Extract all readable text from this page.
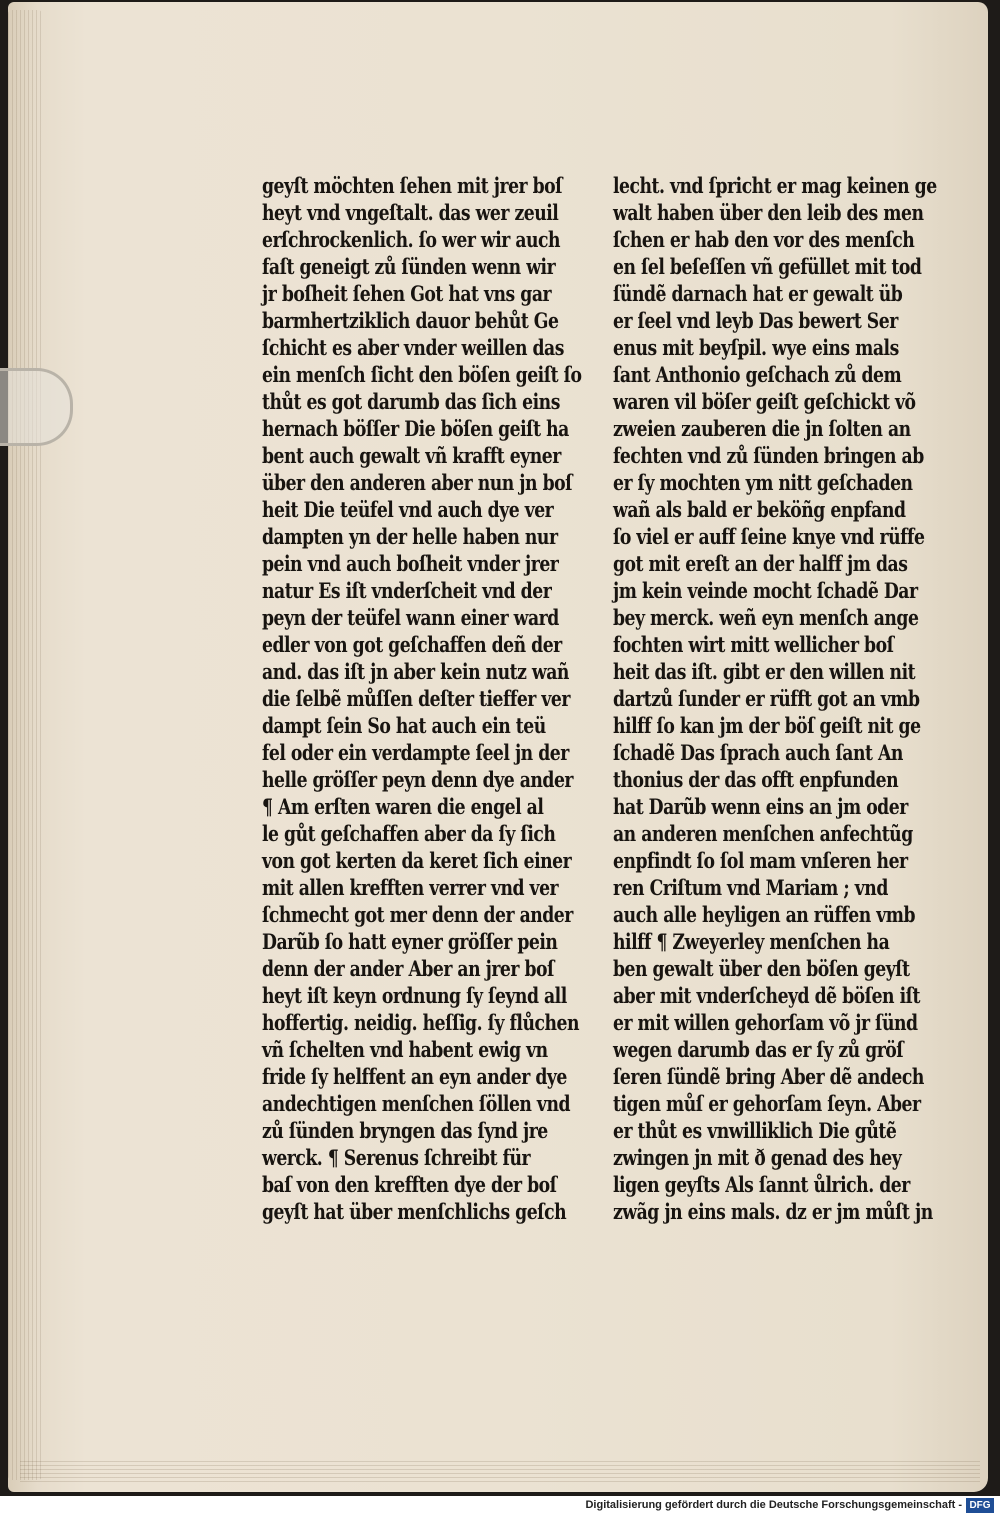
geyſt möchten ſehen mit jrer boſ
heyt vnd vngeſtalt. das wer zeuil
erſchrockenlich. ſo wer wir auch
faſt geneigt zů ſünden wenn wir
jr boſheit ſehen Got hat vns gar
barmhertziklich dauor behůt Ge
ſchicht es aber vnder weillen das
ein menſch ſicht den böſen geiſt ſo
thůt es got darumb das ſich eins
hernach böſſer Die böſen geiſt ha
bent auch gewalt vñ krafft eyner
über den anderen aber nun jn boſ
heit Die teüfel vnd auch dye ver
dampten yn der helle haben nur
pein vnd auch boſheit vnder jrer
natur Es iſt vnderſcheit vnd der
peyn der teüfel wann einer ward
edler von got geſchaffen deñ der
and. das iſt jn aber kein nutz wañ
die ſelbẽ můſſen deſter tieffer ver
dampt ſein So hat auch ein teü
fel oder ein verdampte ſeel jn der
helle gröſſer peyn denn dye ander
¶ Am erſten waren die engel al
le gůt geſchaffen aber da ſy ſich
von got kerten da keret ſich einer
mit allen krefften verrer vnd ver
ſchmecht got mer denn der ander
Darũb ſo hatt eyner gröſſer pein
denn der ander Aber an jrer boſ
heyt iſt keyn ordnung ſy ſeynd all
hoffertig. neidig. heſſig. ſy flůchen
vñ ſchelten vnd habent ewig vn
fride ſy helffent an eyn ander dye
andechtigen menſchen ſöllen vnd
zů ſünden bryngen das ſynd jre
werck. ¶ Serenus ſchreibt für
baſ von den krefften dye der boſ
geyſt hat über menſchlichs geſch
lecht. vnd ſpricht er mag keinen ge
walt haben über den leib des men
ſchen er hab den vor des menſch
en ſel beſeſſen vñ gefüllet mit tod
ſündẽ darnach hat er gewalt üb
er ſeel vnd leyb Das bewert Ser
enus mit beyſpil. wye eins mals
ſant Anthonio geſchach zů dem
waren vil böſer geiſt geſchickt võ
zweien zauberen die jn ſolten an
fechten vnd zů ſünden bringen ab
er ſy mochten ym nitt geſchaden
wañ als bald er beköñg enpfand
ſo viel er auff ſeine knye vnd rüffe
got mit ereſt an der halff jm das
jm kein veinde mocht ſchadẽ Dar
bey merck. weñ eyn menſch ange
fochten wirt mitt wellicher boſ
heit das iſt. gibt er den willen nit
dartzů ſunder er rüfft got an vmb
hilff ſo kan jm der böſ geiſt nit ge
ſchadẽ Das ſprach auch ſant An
thonius der das offt enpfunden
hat Darũb wenn eins an jm oder
an anderen menſchen anfechtũg
enpfindt ſo ſol mam vnſeren her
ren Criſtum vnd Mariam ; vnd
auch alle heyligen an rüffen vmb
hilff ¶ Zweyerley menſchen ha
ben gewalt über den böſen geyſt
aber mit vnderſcheyd dẽ böſen iſt
er mit willen gehorſam võ jr ſünd
wegen darumb das er ſy zů gröſ
ſeren ſündẽ bring Aber dẽ andech
tigen můſ er gehorſam ſeyn. Aber
er thůt es vnwilliklich Die gůtẽ
zwingen jn mit ð genad des hey
ligen geyſts Als ſannt ůlrich. der
zwãg jn eins mals. dz er jm můſt jn
Digitalisierung gefördert durch die Deutsche Forschungsgemeinschaft - DFG
